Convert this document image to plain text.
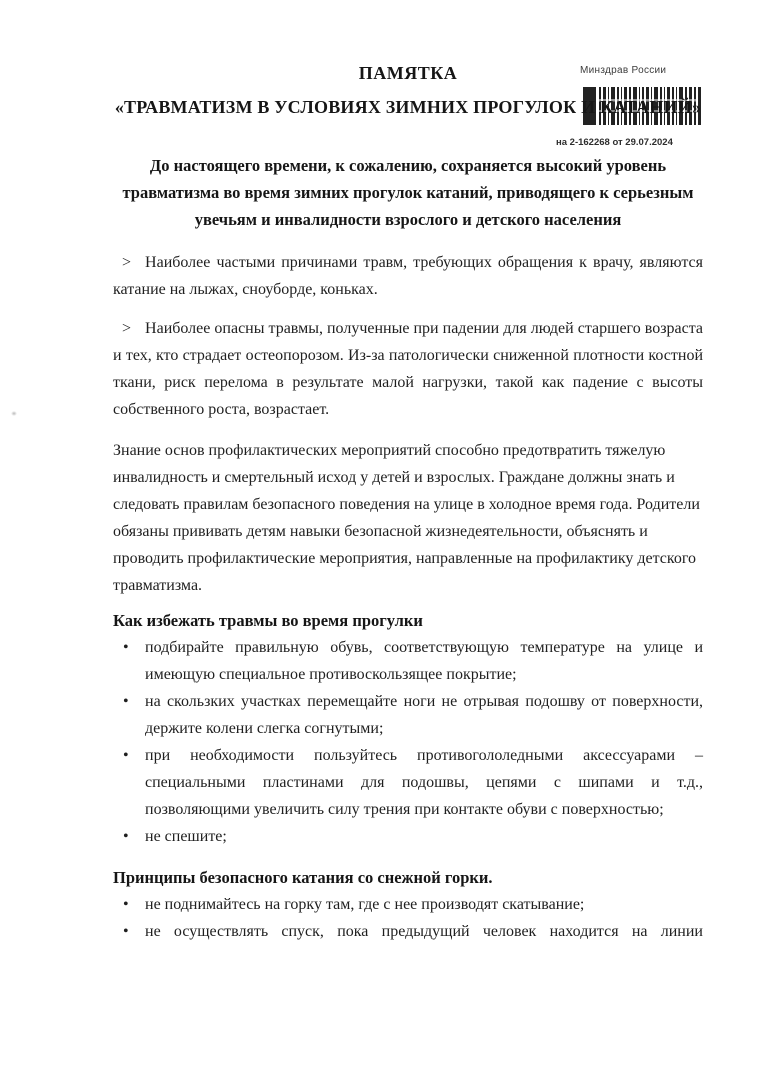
Минздрав России
на 2-162268 от 29.07.2024
ПАМЯТКА
«ТРАВМАТИЗМ В УСЛОВИЯХ ЗИМНИХ ПРОГУЛОК И КАТАНИЙ»

До настоящего времени, к сожалению, сохраняется высокий уровень травматизма во время зимних прогулок катаний, приводящего к серьезным увечьям и инвалидности взрослого и детского населения

> Наиболее частыми причинами травм, требующих обращения к врачу, являются катание на лыжах, сноуборде, коньках.

> Наиболее опасны травмы, полученные при падении для людей старшего возраста и тех, кто страдает остеопорозом. Из-за патологически сниженной плотности костной ткани, риск перелома в результате малой нагрузки, такой как падение с высоты собственного роста, возрастает.

Знание основ профилактических мероприятий способно предотвратить тяжелую инвалидность и смертельный исход у детей и взрослых. Граждане должны знать и следовать правилам безопасного поведения на улице в холодное время года. Родители обязаны прививать детям навыки безопасной жизнедеятельности, объяснять и проводить профилактические мероприятия, направленные на профилактику детского травматизма.

Как избежать травмы во время прогулки
• подбирайте правильную обувь, соответствующую температуре на улице и имеющую специальное противоскользящее покрытие;
• на скользких участках перемещайте ноги не отрывая подошву от поверхности, держите колени слегка согнутыми;
• при необходимости пользуйтесь противогололедными аксессуарами – специальными пластинами для подошвы, цепями с шипами и т.д., позволяющими увеличить силу трения при контакте обуви с поверхностью;
• не спешите;
Принципы безопасного катания со снежной горки.
• не поднимайтесь на горку там, где с нее производят скатывание;
• не осуществлять спуск, пока предыдущий человек находится на линии
